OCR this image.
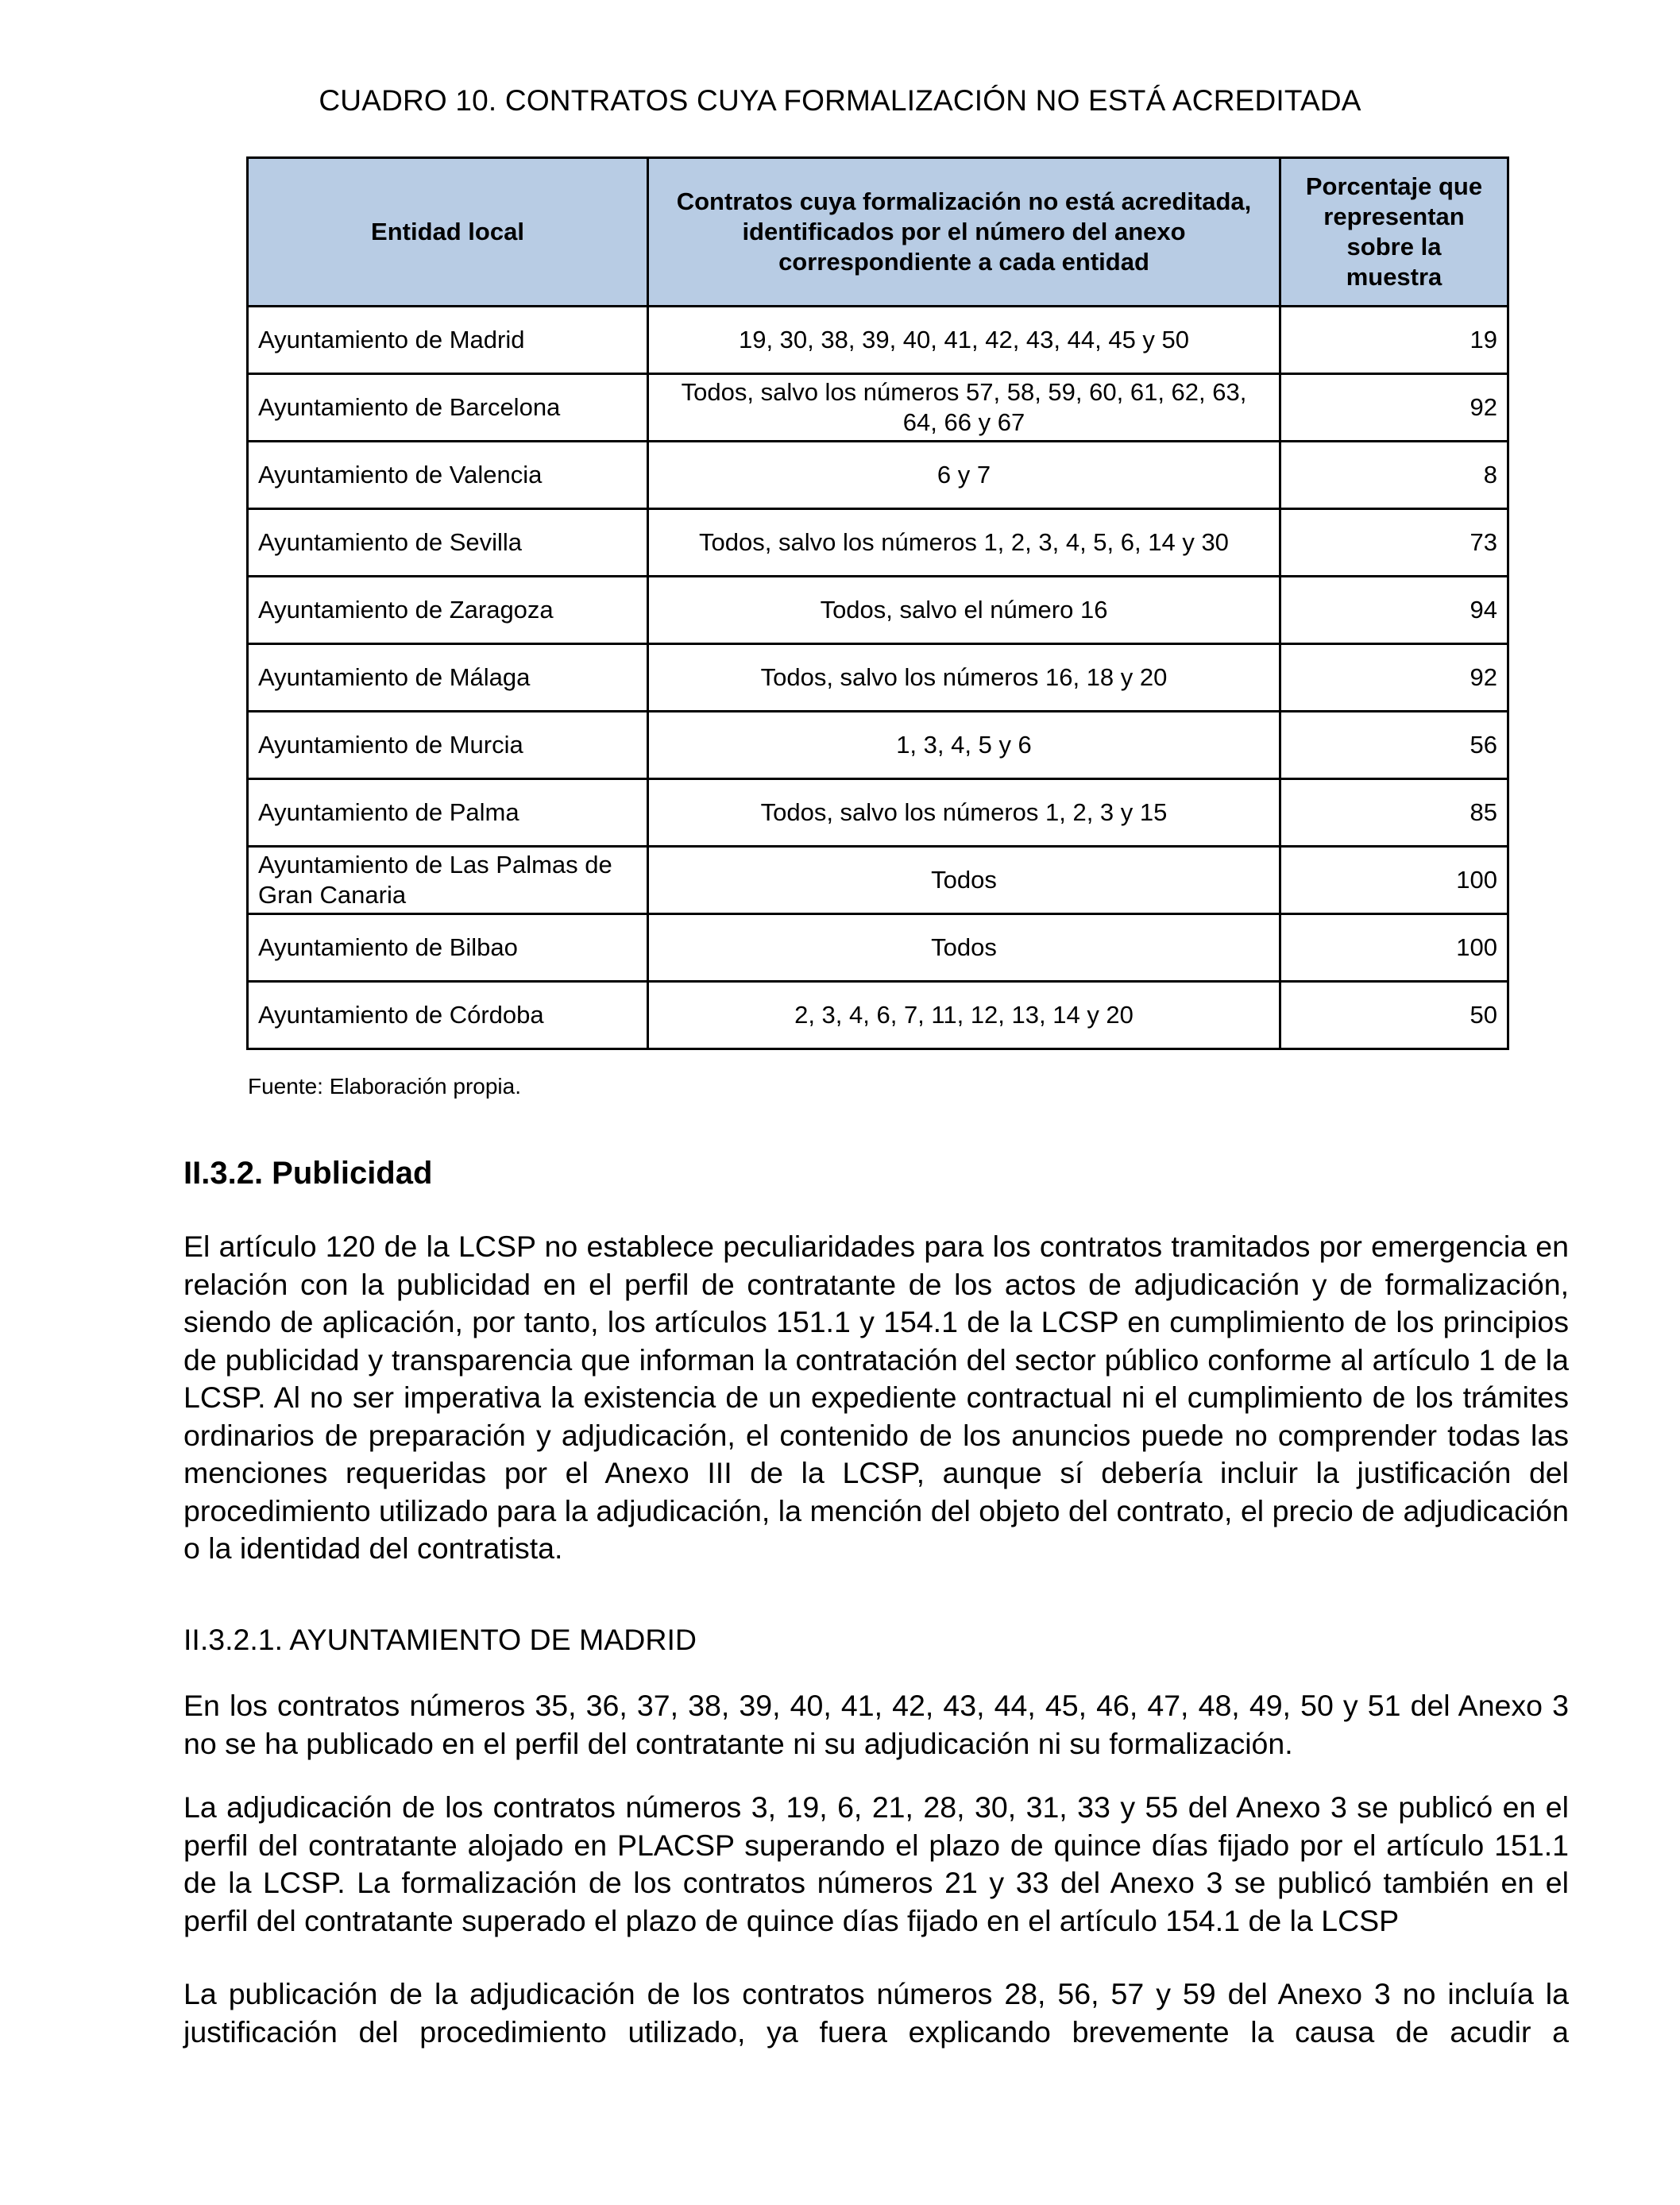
CUADRO 10. CONTRATOS CUYA FORMALIZACIÓN NO ESTÁ ACREDITADA
Entidad local	Contratos cuya formalización no está acreditada, identificados por el número del anexo correspondiente a cada entidad	Porcentaje que representan sobre la muestra
Ayuntamiento de Madrid	19, 30, 38, 39, 40, 41, 42, 43, 44, 45 y 50	19
Ayuntamiento de Barcelona	Todos, salvo los números 57, 58, 59, 60, 61, 62, 63, 64, 66 y 67	92
Ayuntamiento de Valencia	6 y 7	8
Ayuntamiento de Sevilla	Todos, salvo los números 1, 2, 3, 4, 5, 6, 14 y 30	73
Ayuntamiento de Zaragoza	Todos, salvo el número 16	94
Ayuntamiento de Málaga	Todos, salvo los números 16, 18 y 20	92
Ayuntamiento de Murcia	1, 3, 4, 5 y 6	56
Ayuntamiento de Palma	Todos, salvo los números 1, 2, 3 y 15	85
Ayuntamiento de Las Palmas de Gran Canaria	Todos	100
Ayuntamiento de Bilbao	Todos	100
Ayuntamiento de Córdoba	2, 3, 4, 6, 7, 11, 12, 13, 14 y 20	50
Fuente: Elaboración propia.
II.3.2. Publicidad
El artículo 120 de la LCSP no establece peculiaridades para los contratos tramitados por emergencia en relación con la publicidad en el perfil de contratante de los actos de adjudicación y de formalización, siendo de aplicación, por tanto, los artículos 151.1 y 154.1 de la LCSP en cumplimiento de los principios de publicidad y transparencia que informan la contratación del sector público conforme al artículo 1 de la LCSP. Al no ser imperativa la existencia de un expediente contractual ni el cumplimiento de los trámites ordinarios de preparación y adjudicación, el contenido de los anuncios puede no comprender todas las menciones requeridas por el Anexo III de la LCSP, aunque sí debería incluir la justificación del procedimiento utilizado para la adjudicación, la mención del objeto del contrato, el precio de adjudicación o la identidad del contratista.
II.3.2.1. AYUNTAMIENTO DE MADRID
En los contratos números 35, 36, 37, 38, 39, 40, 41, 42, 43, 44, 45, 46, 47, 48, 49, 50 y 51 del Anexo 3 no se ha publicado en el perfil del contratante ni su adjudicación ni su formalización.
La adjudicación de los contratos números 3, 19, 6, 21, 28, 30, 31, 33 y 55 del Anexo 3 se publicó en el perfil del contratante alojado en PLACSP superando el plazo de quince días fijado por el artículo 151.1 de la LCSP. La formalización de los contratos números 21 y 33 del Anexo 3 se publicó también en el perfil del contratante superado el plazo de quince días fijado en el artículo 154.1 de la LCSP
La publicación de la adjudicación de los contratos números 28, 56, 57 y 59 del Anexo 3 no incluía la justificación del procedimiento utilizado, ya fuera explicando brevemente la causa de acudir a
